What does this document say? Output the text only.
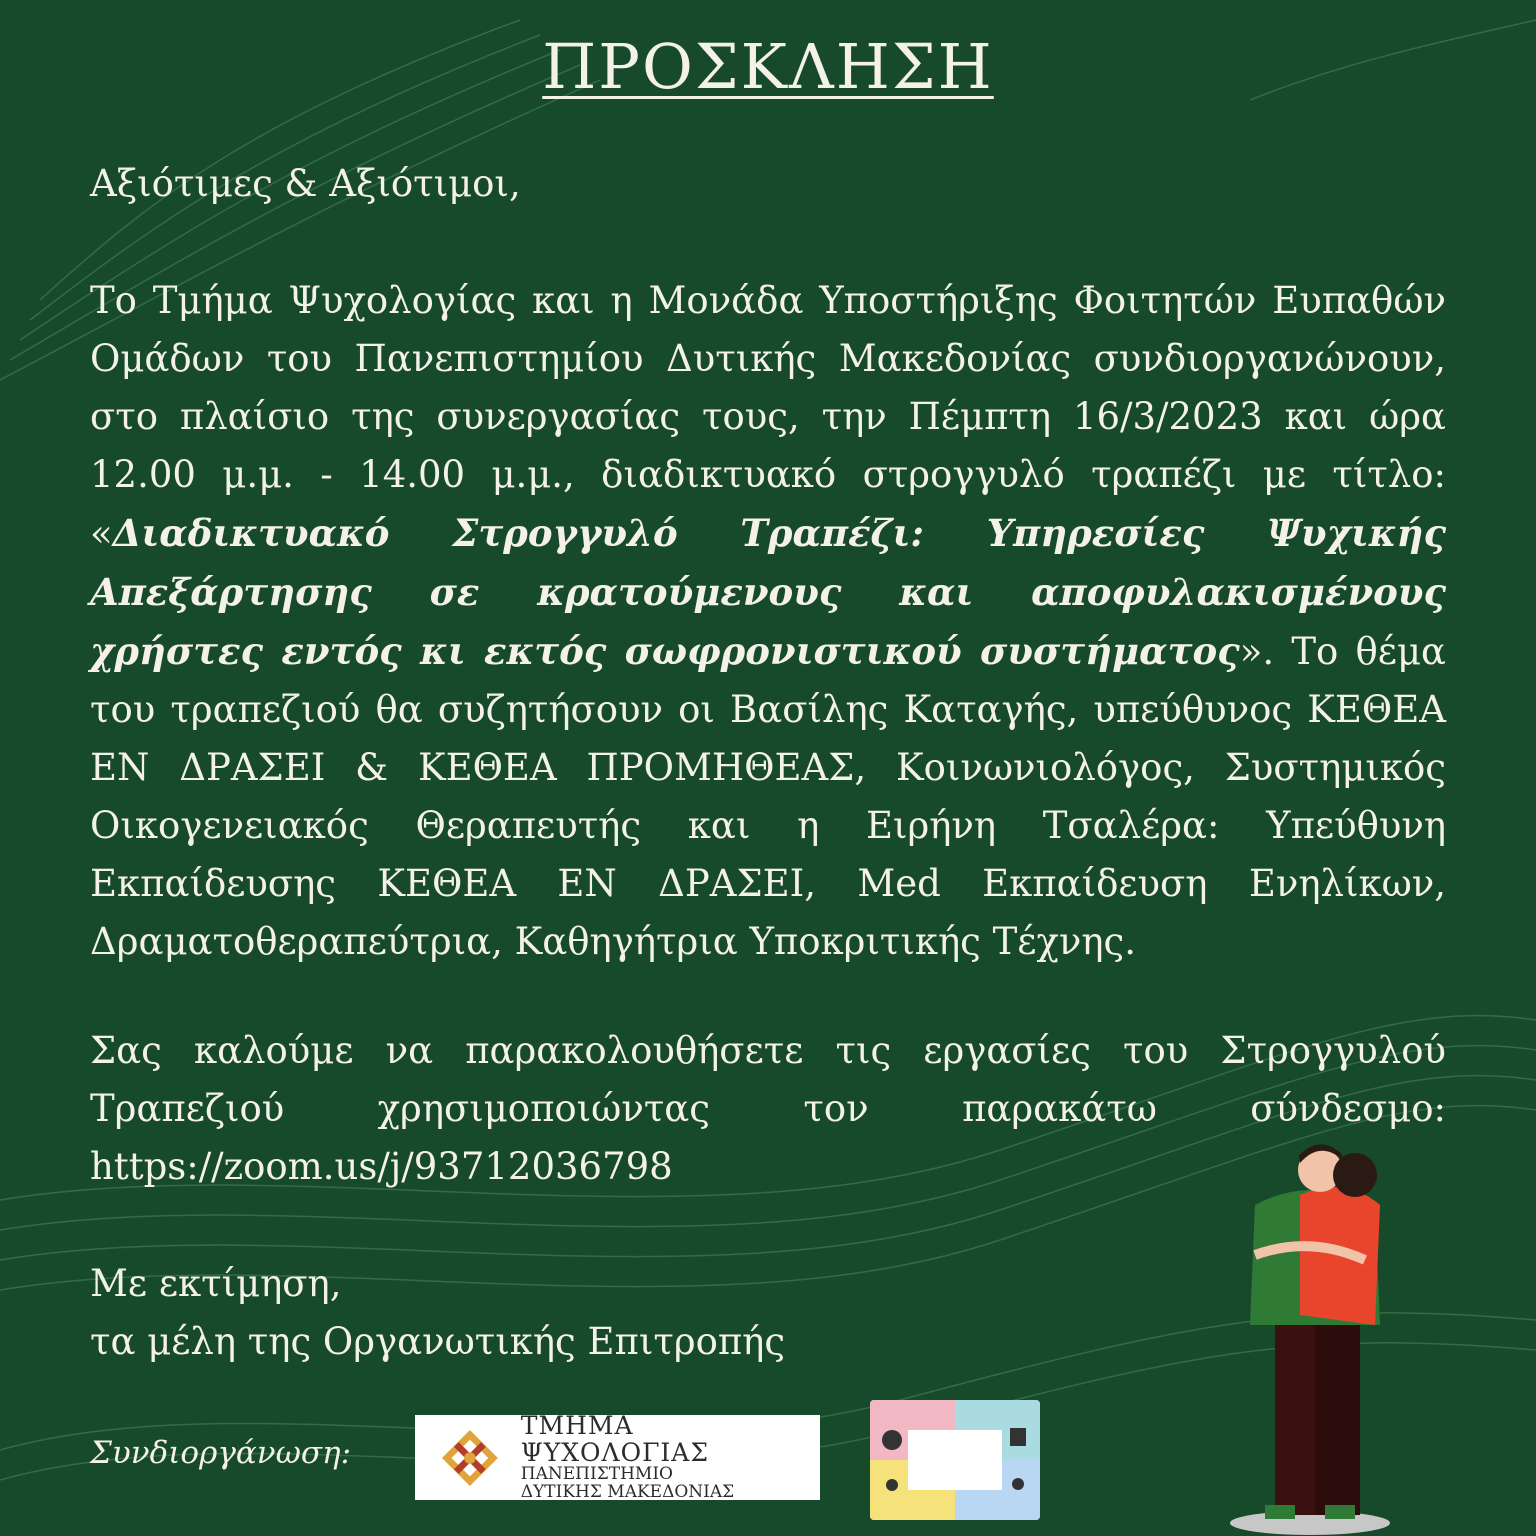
ΠΡΟΣΚΛΗΣΗ
Αξιότιμες & Αξιότιμοι,
Το Τμήμα Ψυχολογίας και η Μονάδα Υποστήριξης Φοιτητών Ευπαθών Ομάδων του Πανεπιστημίου Δυτικής Μακεδονίας συνδιοργανώνουν, στο πλαίσιο της συνεργασίας τους, την Πέμπτη 16/3/2023 και ώρα 12.00 μ.μ. - 14.00 μ.μ., διαδικτυακό στρογγυλό τραπέζι με τίτλο: «Διαδικτυακό Στρογγυλό Τραπέζι: Υπηρεσίες Ψυχικής Απεξάρτησης σε κρατούμενους και αποφυλακισμένους χρήστες εντός κι εκτός σωφρονιστικού συστήματος». Το θέμα του τραπεζιού θα συζητήσουν οι Βασίλης Καταγής, υπεύθυνος ΚΕΘΕΑ ΕΝ ΔΡΑΣΕΙ & ΚΕΘΕΑ ΠΡΟΜΗΘΕΑΣ, Κοινωνιολόγος, Συστημικός Οικογενειακός Θεραπευτής και η Ειρήνη Τσαλέρα: Υπεύθυνη Εκπαίδευσης ΚΕΘΕΑ ΕΝ ΔΡΑΣΕΙ, Med Εκπαίδευση Ενηλίκων, Δραματοθεραπεύτρια, Καθηγήτρια Υποκριτικής Τέχνης.
Σας καλούμε να παρακολουθήσετε τις εργασίες του Στρογγυλού Τραπεζιού χρησιμοποιώντας τον παρακάτω σύνδεσμο: https://zoom.us/j/93712036798
Με εκτίμηση,
τα μέλη της Οργανωτικής Επιτροπής
Συνδιοργάνωση:
ΤΜΗΜΑ ΨΥΧΟΛΟΓΙΑΣ
ΠΑΝΕΠΙΣΤΗΜΙΟ
ΔΥΤΙΚΗΣ ΜΑΚΕΔΟΝΙΑΣ
